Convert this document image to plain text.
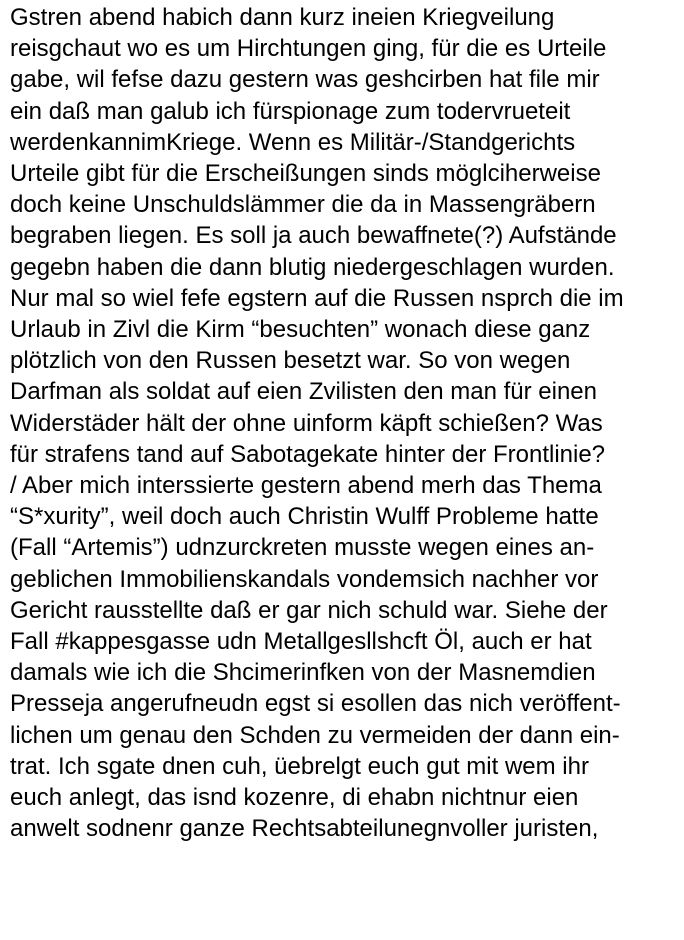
Gstren abend habich dann kurz ineien Kriegveilung
reisgchaut wo es um Hirchtungen ging, für die es Urteile
gabe, wil fefse dazu gestern was geshcirben hat file mir
ein daß man galub ich fürspionage zum todervrueteit
werdenkannimKriege. Wenn es Militär-/Standgerichts
Urteile gibt für die Erscheißungen sinds möglciherweise
doch keine Unschuldslämmer die da in Massengräbern
begraben liegen. Es soll ja auch bewaffnete(?) Aufstände
gegebn haben die dann blutig niedergeschlagen wurden.
Nur mal so wiel fefe egstern auf die Russen nsprch die im
Urlaub in Zivl die Kirm “besuchten” wonach diese ganz
plötzlich von den Russen besetzt war. So von wegen
Darfman als soldat auf eien Zvilisten den man für einen
Widerstäder hält der ohne uinform käpft schießen? Was
für strafens tand auf Sabotagekate hinter der Frontlinie?
/ Aber mich interssierte gestern abend merh das Thema
“S*xurity”, weil doch auch Christin Wulff Probleme hatte
(Fall “Artemis”) udnzurckreten musste wegen eines an-
geblichen Immobilienskandals vondemsich nachher vor
Gericht rausstellte daß er gar nich schuld war. Siehe der
Fall #kappesgasse udn Metallgesllshcft Öl, auch er hat
damals wie ich die Shcimerinfken von der Masnemdien
Presseja angerufneudn egst si esollen das nich veröffent-
lichen um genau den Schden zu vermeiden der dann ein-
trat. Ich sgate dnen cuh, üebrelgt euch gut mit wem ihr
euch anlegt, das isnd kozenre, di ehabn nichtnur eien
anwelt sodnenr ganze Rechtsabteilunegnvoller juristen,
